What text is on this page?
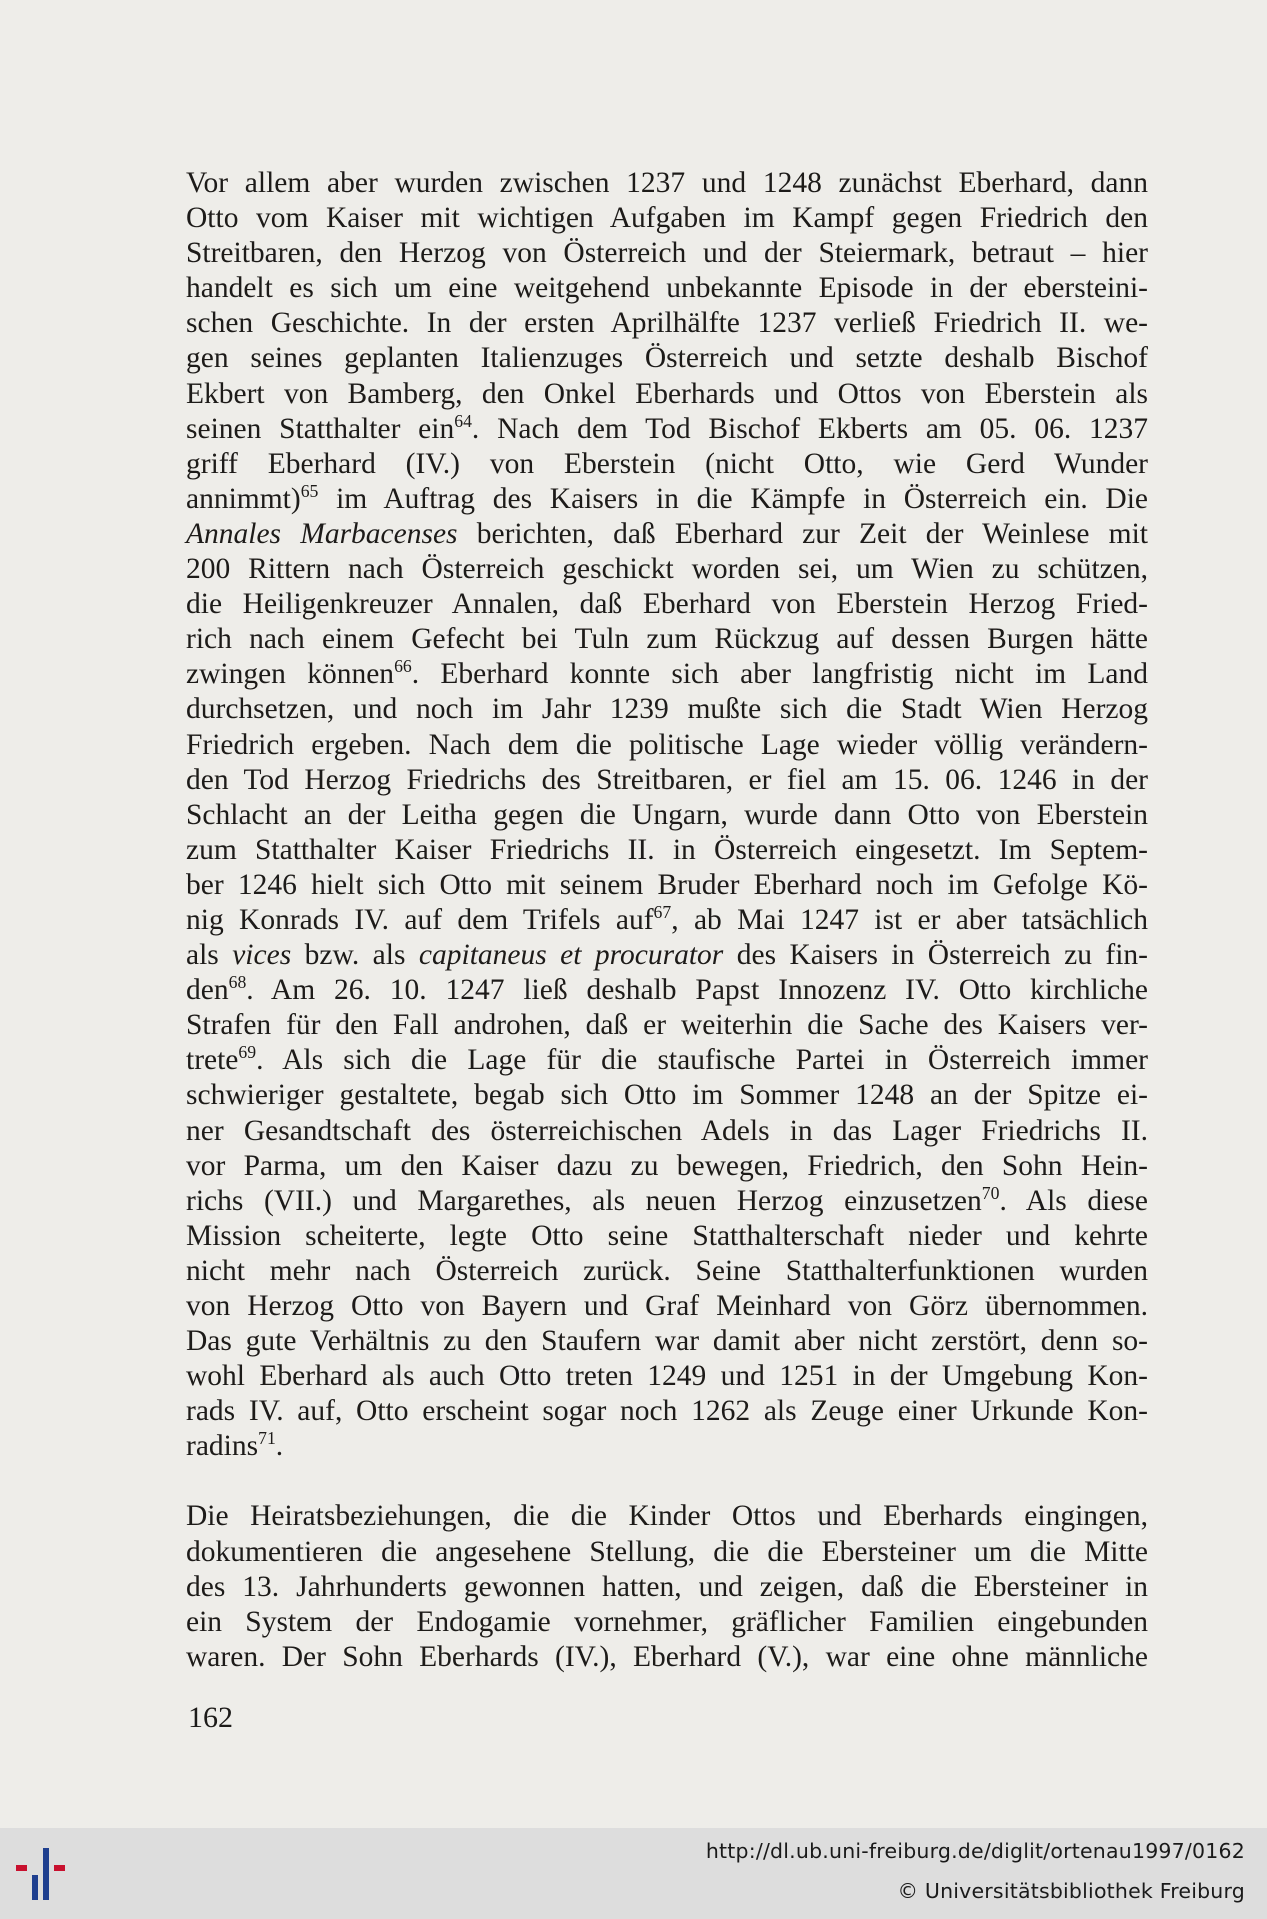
Vor allem aber wurden zwischen 1237 und 1248 zunächst Eberhard, dann

Otto vom Kaiser mit wichtigen Aufgaben im Kampf gegen Friedrich den

Streitbaren, den Herzog von Österreich und der Steiermark, betraut – hier

handelt es sich um eine weitgehend unbekannte Episode in der ebersteini-

schen Geschichte. In der ersten Aprilhälfte 1237 verließ Friedrich II. we-

gen seines geplanten Italienzuges Österreich und setzte deshalb Bischof

Ekbert von Bamberg, den Onkel Eberhards und Ottos von Eberstein als

seinen Statthalter ein$^{64}$. Nach dem Tod Bischof Ekberts am 05. 06. 1237

griff Eberhard (IV.) von Eberstein (nicht Otto, wie Gerd Wunder

annimmt)$^{65}$ im Auftrag des Kaisers in die Kämpfe in Österreich ein. Die

Annales Marbacenses berichten, daß Eberhard zur Zeit der Weinlese mit

200 Rittern nach Österreich geschickt worden sei, um Wien zu schützen,

die Heiligenkreuzer Annalen, daß Eberhard von Eberstein Herzog Fried-

rich nach einem Gefecht bei Tuln zum Rückzug auf dessen Burgen hätte

zwingen können$^{66}$. Eberhard konnte sich aber langfristig nicht im Land

durchsetzen, und noch im Jahr 1239 mußte sich die Stadt Wien Herzog

Friedrich ergeben. Nach dem die politische Lage wieder völlig verändern-

den Tod Herzog Friedrichs des Streitbaren, er fiel am 15. 06. 1246 in der

Schlacht an der Leitha gegen die Ungarn, wurde dann Otto von Eberstein

zum Statthalter Kaiser Friedrichs II. in Österreich eingesetzt. Im Septem-

ber 1246 hielt sich Otto mit seinem Bruder Eberhard noch im Gefolge Kö-

nig Konrads IV. auf dem Trifels auf$^{67}$, ab Mai 1247 ist er aber tatsächlich

als vices bzw. als capitaneus et procurator des Kaisers in Österreich zu fin-

den$^{68}$. Am 26. 10. 1247 ließ deshalb Papst Innozenz IV. Otto kirchliche

Strafen für den Fall androhen, daß er weiterhin die Sache des Kaisers ver-

trete$^{69}$. Als sich die Lage für die staufische Partei in Österreich immer

schwieriger gestaltete, begab sich Otto im Sommer 1248 an der Spitze ei-

ner Gesandtschaft des österreichischen Adels in das Lager Friedrichs II.

vor Parma, um den Kaiser dazu zu bewegen, Friedrich, den Sohn Hein-

richs (VII.) und Margarethes, als neuen Herzog einzusetzen$^{70}$. Als diese

Mission scheiterte, legte Otto seine Statthalterschaft nieder und kehrte

nicht mehr nach Österreich zurück. Seine Statthalterfunktionen wurden

von Herzog Otto von Bayern und Graf Meinhard von Görz übernommen.

Das gute Verhältnis zu den Staufern war damit aber nicht zerstört, denn so-

wohl Eberhard als auch Otto treten 1249 und 1251 in der Umgebung Kon-

rads IV. auf, Otto erscheint sogar noch 1262 als Zeuge einer Urkunde Kon-

radins$^{71}$.

Die Heiratsbeziehungen, die die Kinder Ottos und Eberhards eingingen,

dokumentieren die angesehene Stellung, die die Ebersteiner um die Mitte

des 13. Jahrhunderts gewonnen hatten, und zeigen, daß die Ebersteiner in

ein System der Endogamie vornehmer, gräflicher Familien eingebunden

waren. Der Sohn Eberhards (IV.), Eberhard (V.), war eine ohne männliche

162
http://dl.ub.uni-freiburg.de/diglit/ortenau1997/0162
© Universitätsbibliothek Freiburg
